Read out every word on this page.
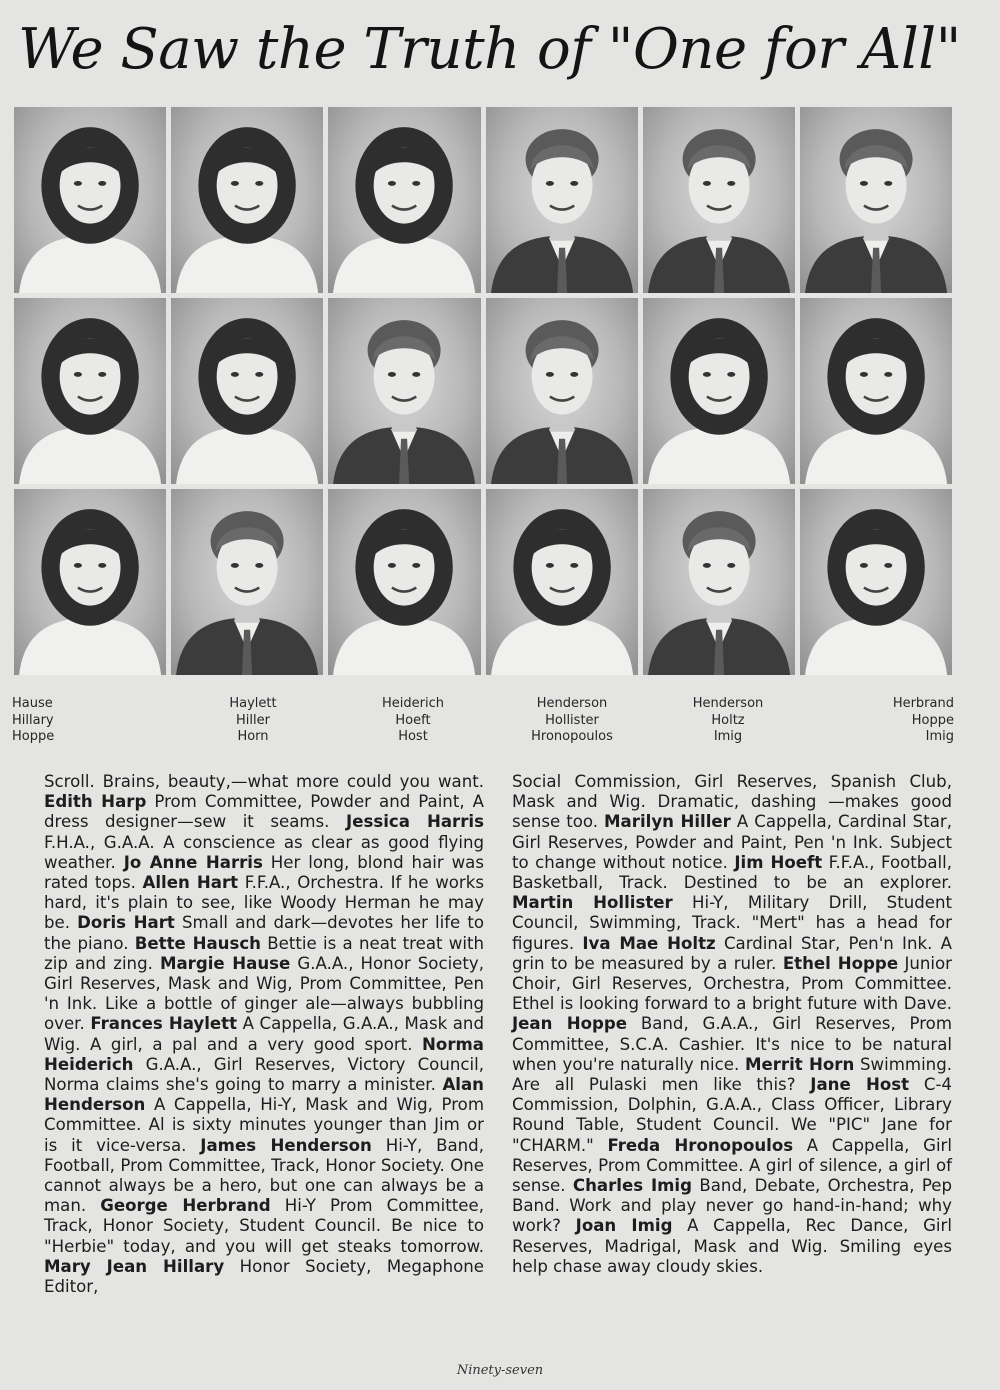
We Saw the Truth of "One for All"
Hause
Hillary
Hoppe
Haylett
Hiller
Horn
Heiderich
Hoeft
Host
Henderson
Hollister
Hronopoulos
Henderson
Holtz
Imig
Herbrand
Hoppe
Imig
Scroll. Brains, beauty,—what more could you want. Edith Harp Prom Committee, Powder and Paint, A dress designer—sew it seams. Jessica Harris F.H.A., G.A.A. A conscience as clear as good flying weather. Jo Anne Harris Her long, blond hair was rated tops. Allen Hart F.F.A., Orchestra. If he works hard, it's plain to see, like Woody Herman he may be. Doris Hart Small and dark—devotes her life to the piano. Bette Hausch Bettie is a neat treat with zip and zing. Margie Hause G.A.A., Honor Society, Girl Reserves, Mask and Wig, Prom Committee, Pen 'n Ink. Like a bottle of ginger ale—always bubbling over. Frances Haylett A Cappella, G.A.A., Mask and Wig. A girl, a pal and a very good sport. Norma Heiderich G.A.A., Girl Reserves, Victory Council, Norma claims she's going to marry a minister. Alan Henderson A Cappella, Hi-Y, Mask and Wig, Prom Committee. Al is sixty minutes younger than Jim or is it vice-versa. James Henderson Hi-Y, Band, Football, Prom Committee, Track, Honor Society. One cannot always be a hero, but one can always be a man. George Herbrand Hi-Y Prom Committee, Track, Honor Society, Student Council. Be nice to "Herbie" today, and you will get steaks tomorrow. Mary Jean Hillary Honor Society, Megaphone Editor,
Social Commission, Girl Reserves, Spanish Club, Mask and Wig. Dramatic, dashing —makes good sense too. Marilyn Hiller A Cappella, Cardinal Star, Girl Reserves, Powder and Paint, Pen 'n Ink. Subject to change without notice. Jim Hoeft F.F.A., Football, Basketball, Track. Destined to be an explorer. Martin Hollister Hi-Y, Military Drill, Student Council, Swimming, Track. "Mert" has a head for figures. Iva Mae Holtz Cardinal Star, Pen'n Ink. A grin to be measured by a ruler. Ethel Hoppe Junior Choir, Girl Reserves, Orchestra, Prom Committee. Ethel is looking forward to a bright future with Dave. Jean Hoppe Band, G.A.A., Girl Reserves, Prom Committee, S.C.A. Cashier. It's nice to be natural when you're naturally nice. Merrit Horn Swimming. Are all Pulaski men like this? Jane Host C-4 Commission, Dolphin, G.A.A., Class Officer, Library Round Table, Student Council. We "PIC" Jane for "CHARM." Freda Hronopoulos A Cappella, Girl Reserves, Prom Committee. A girl of silence, a girl of sense. Charles Imig Band, Debate, Orchestra, Pep Band. Work and play never go hand-in-hand; why work? Joan Imig A Cappella, Rec Dance, Girl Reserves, Madrigal, Mask and Wig. Smiling eyes help chase away cloudy skies.
Ninety-seven
